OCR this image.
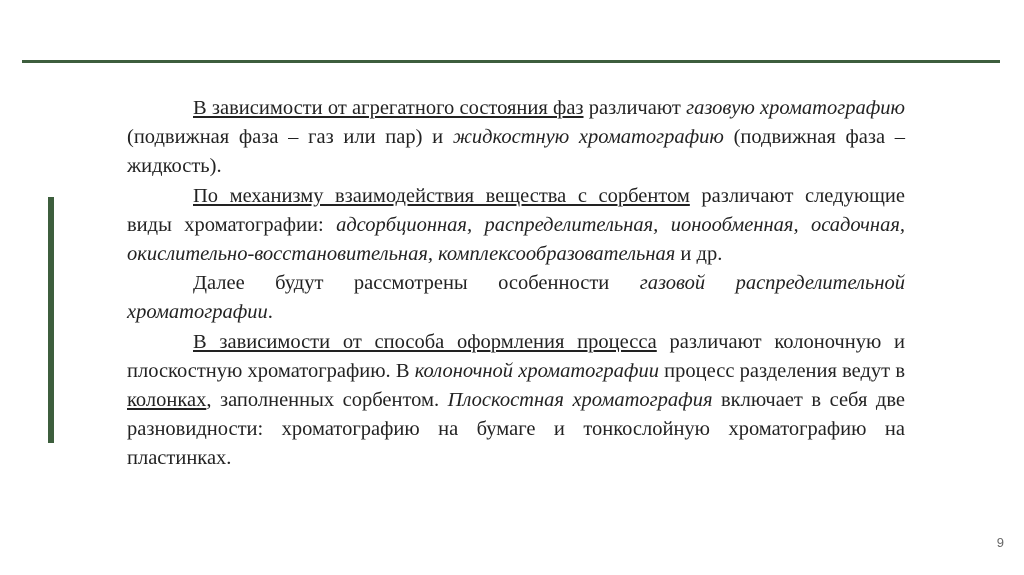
В зависимости от агрегатного состояния фаз различают газовую хроматографию (подвижная фаза – газ или пар) и жидкостную хроматографию (подвижная фаза – жидкость).

По механизму взаимодействия вещества с сорбентом различают следующие виды хроматографии: адсорбционная, распределительная, ионообменная, осадочная, окислительно-восстановительная, комплексообразовательная и др.

Далее будут рассмотрены особенности газовой распределительной хроматографии.

В зависимости от способа оформления процесса различают колоночную и плоскостную хроматографию. В колоночной хроматографии процесс разделения ведут в колонках, заполненных сорбентом. Плоскостная хроматография включает в себя две разновидности: хроматографию на бумаге и тонкослойную хроматографию на пластинках.

9
